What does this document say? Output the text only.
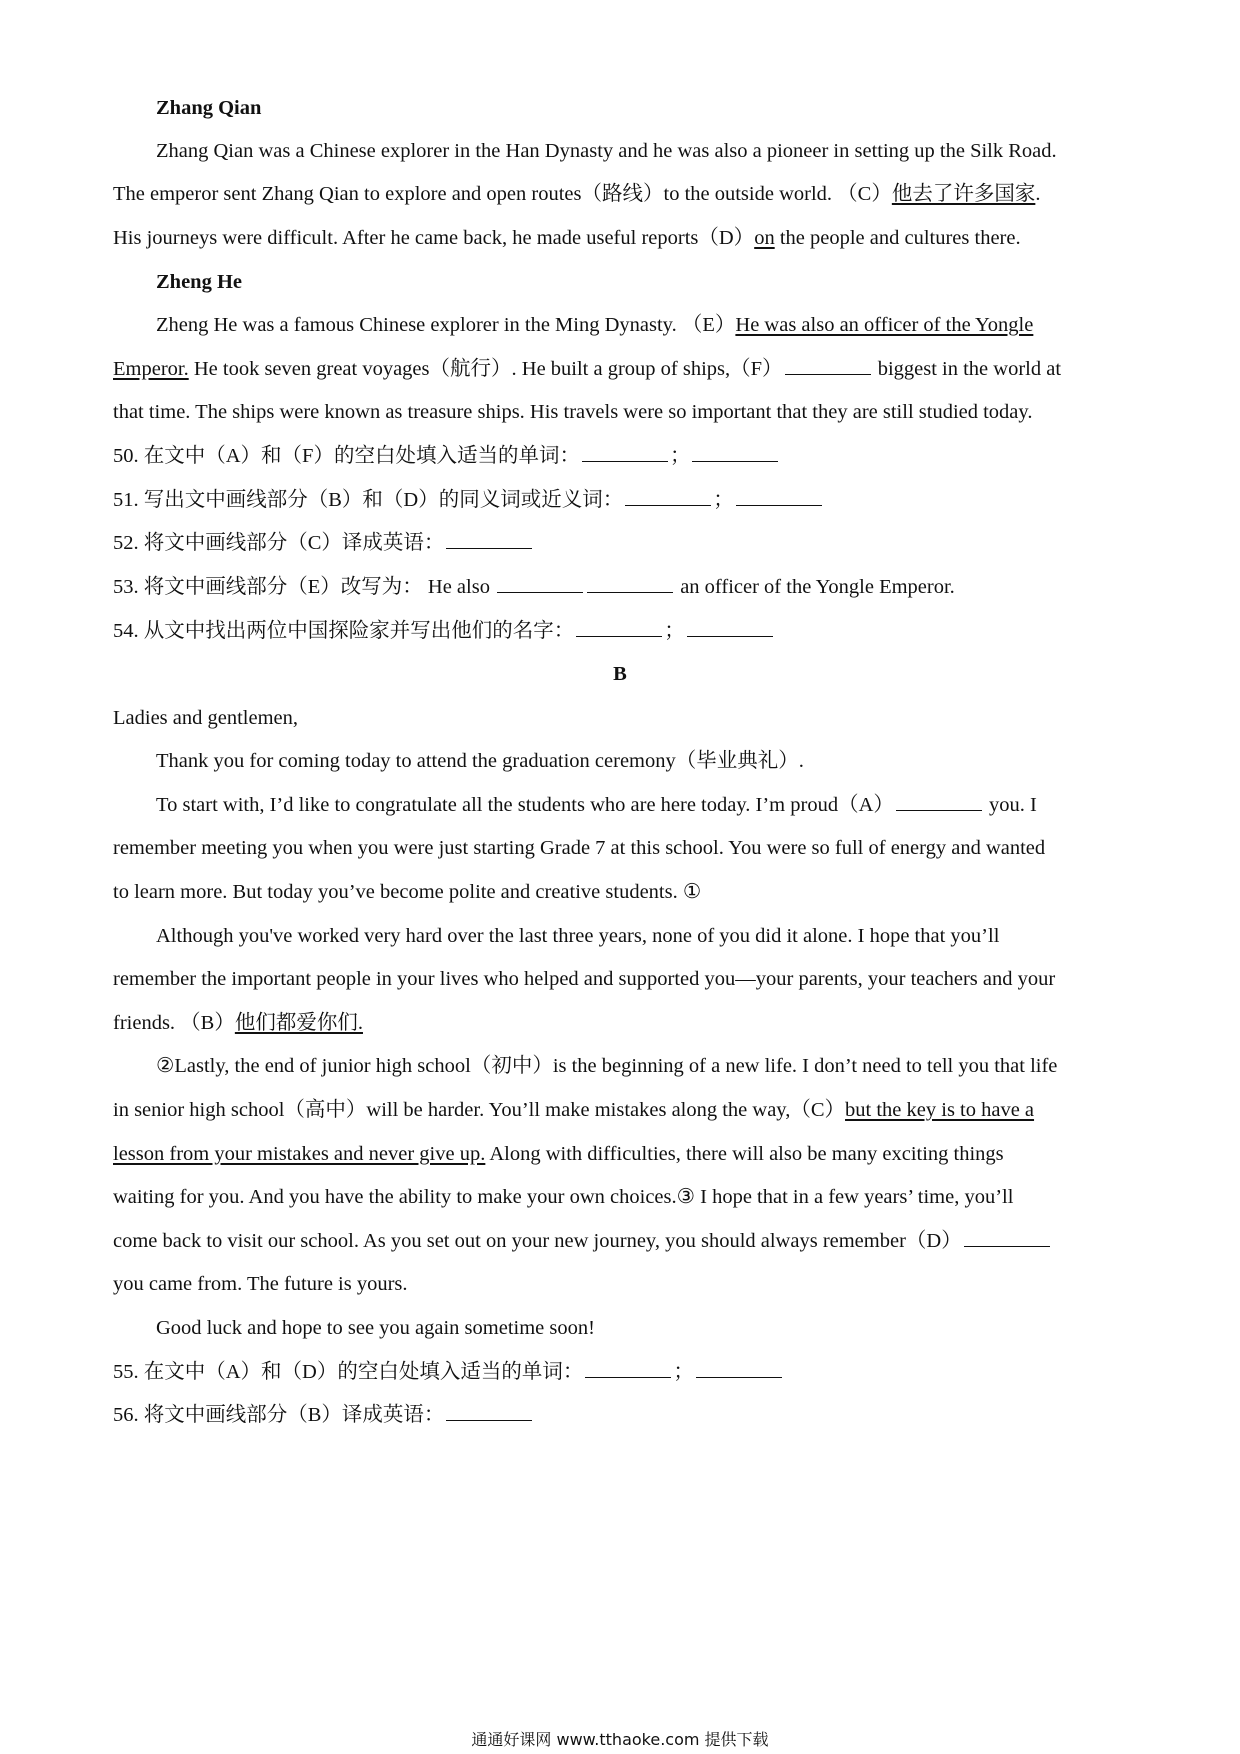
Zhang Qian
Zhang Qian was a Chinese explorer in the Han Dynasty and he was also a pioneer in setting up the Silk Road.
The emperor sent Zhang Qian to explore and open routes（路线）to the outside world. （C）他去了许多国家.
His journeys were difficult. After he came back, he made useful reports（D）on the people and cultures there.
Zheng He
Zheng He was a famous Chinese explorer in the Ming Dynasty. （E）He was also an officer of the Yongle
Emperor. He took seven great voyages（航行）. He built a group of ships,（F）	biggest in the world at
that time. The ships were known as treasure ships. His travels were so important that they are still studied today.
50. 在文中（A）和（F）的空白处填入适当的单词：	；
51. 写出文中画线部分（B）和（D）的同义词或近义词：	；
52. 将文中画线部分（C）译成英语：
53. 将文中画线部分（E）改写为： He also	an officer of the Yongle Emperor.
54. 从文中找出两位中国探险家并写出他们的名字：	；
B
Ladies and gentlemen,
Thank you for coming today to attend the graduation ceremony（毕业典礼）.
To start with, I’d like to congratulate all the students who are here today. I’m proud（A）	you. I
remember meeting you when you were just starting Grade 7 at this school. You were so full of energy and wanted
to learn more. But today you’ve become polite and creative students. ①
Although you've worked very hard over the last three years, none of you did it alone. I hope that you’ll
remember the important people in your lives who helped and supported you—your parents, your teachers and your
friends. （B）他们都爱你们.
②Lastly, the end of junior high school（初中）is the beginning of a new life. I don’t need to tell you that life
in senior high school（高中）will be harder. You’ll make mistakes along the way,（C）but the key is to have a
lesson from your mistakes and never give up. Along with difficulties, there will also be many exciting things
waiting for you. And you have the ability to make your own choices.③ I hope that in a few years’ time, you’ll
come back to visit our school. As you set out on your new journey, you should always remember（D）
you came from. The future is yours.
Good luck and hope to see you again sometime soon!
55. 在文中（A）和（D）的空白处填入适当的单词：	；
56. 将文中画线部分（B）译成英语：
通通好课网 www.tthaoke.com 提供下载
